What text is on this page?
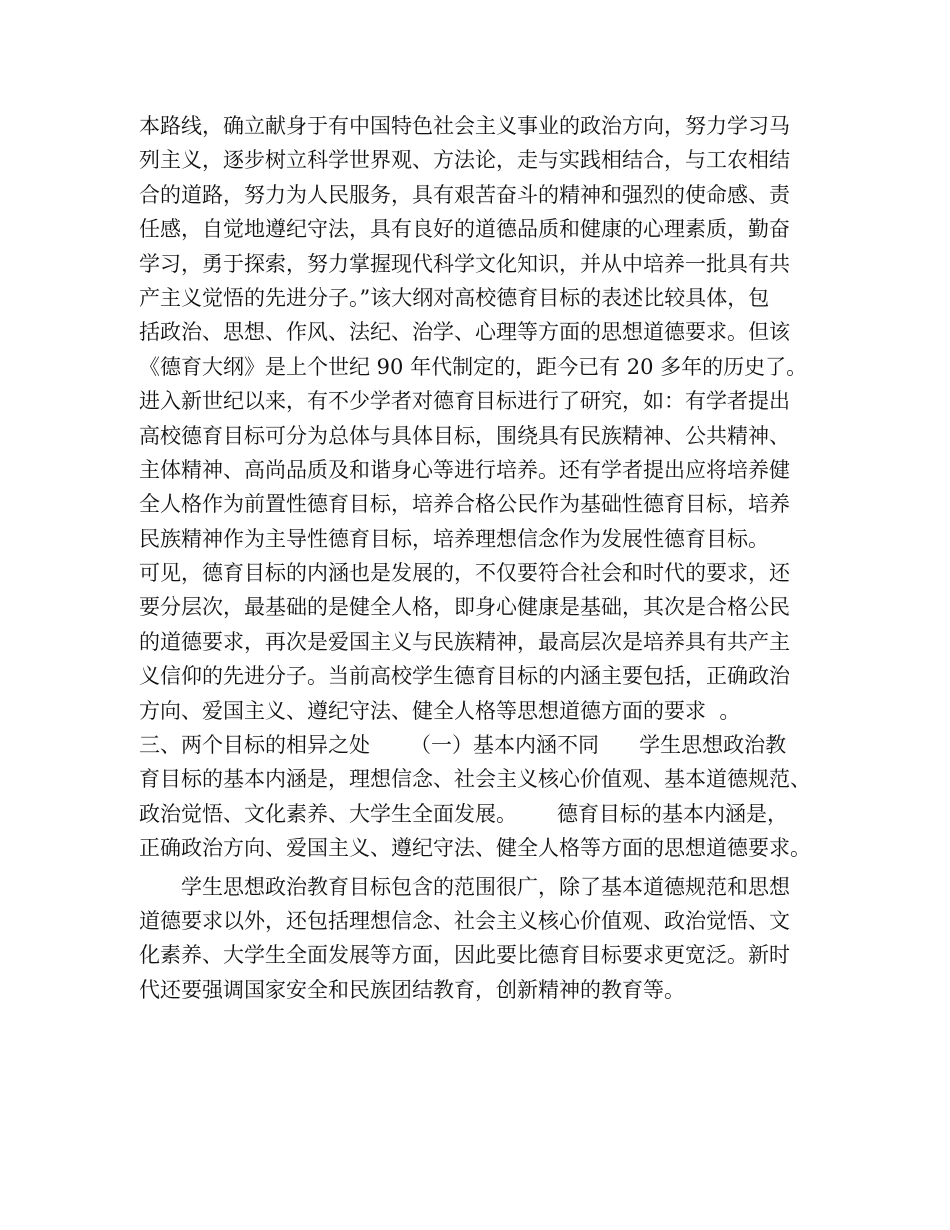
本路线，确立献身于有中国特色社会主义事业的政治方向，努力学习马
列主义，逐步树立科学世界观、方法论，走与实践相结合，与工农相结
合的道路，努力为人民服务，具有艰苦奋斗的精神和强烈的使命感、责
任感，自觉地遵纪守法，具有良好的道德品质和健康的心理素质，勤奋
学习，勇于探索，努力掌握现代科学文化知识，并从中培养一批具有共
产主义觉悟的先进分子。”该大纲对高校德育目标的表述比较具体，包
括政治、思想、作风、法纪、治学、心理等方面的思想道德要求。但该
《德育大纲》是上个世纪 90 年代制定的，距今已有 20 多年的历史了。
进入新世纪以来，有不少学者对德育目标进行了研究，如：有学者提出
高校德育目标可分为总体与具体目标，围绕具有民族精神、公共精神、
主体精神、高尚品质及和谐身心等进行培养。还有学者提出应将培养健
全人格作为前置性德育目标，培养合格公民作为基础性德育目标，培养
民族精神作为主导性德育目标，培养理想信念作为发展性德育目标。
可见，德育目标的内涵也是发展的，不仅要符合社会和时代的要求，还
要分层次，最基础的是健全人格，即身心健康是基础，其次是合格公民
的道德要求，再次是爱国主义与民族精神，最高层次是培养具有共产主
义信仰的先进分子。当前高校学生德育目标的内涵主要包括，正确政治
方向、爱国主义、遵纪守法、健全人格等思想道德方面的要求  。
三、两个目标的相异之处      （一）基本内涵不同      学生思想政治教
育目标的基本内涵是，理想信念、社会主义核心价值观、基本道德规范、
政治觉悟、文化素养、大学生全面发展。      德育目标的基本内涵是，
正确政治方向、爱国主义、遵纪守法、健全人格等方面的思想道德要求。
学生思想政治教育目标包含的范围很广，除了基本道德规范和思想
道德要求以外，还包括理想信念、社会主义核心价值观、政治觉悟、文
化素养、大学生全面发展等方面，因此要比德育目标要求更宽泛。新时
代还要强调国家安全和民族团结教育，创新精神的教育等。
